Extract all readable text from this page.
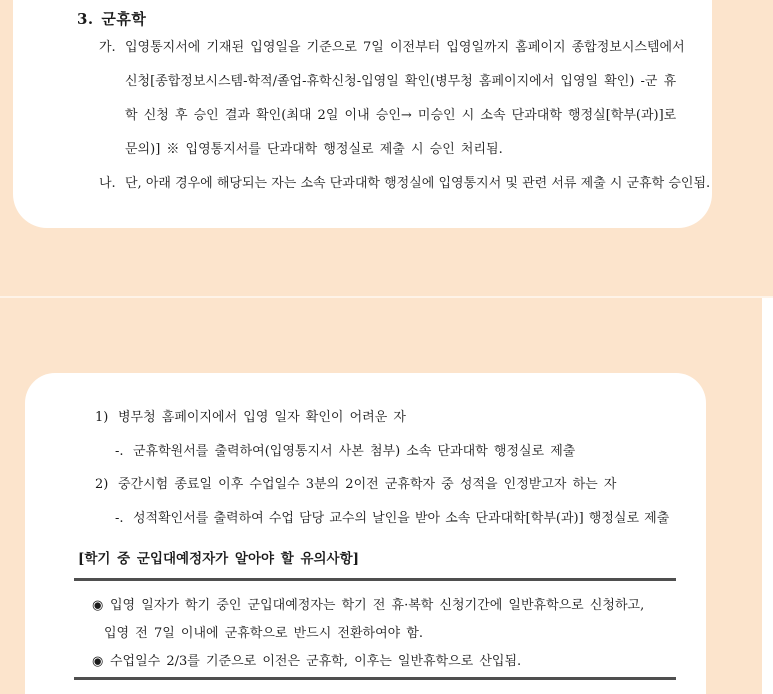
3. 군휴학
가. 입영통지서에 기재된 입영일을 기준으로 7일 이전부터 입영일까지 홈페이지 종합정보시스템에서
신청[종합정보시스템-학적/졸업-휴학신청-입영일 확인(병무청 홈페이지에서 입영일 확인) -군 휴
학 신청 후 승인 결과 확인(최대 2일 이내 승인→ 미승인 시 소속 단과대학 행정실[학부(과)]로
문의)] ※ 입영통지서를 단과대학 행정실로 제출 시 승인 처리됨.
나. 단, 아래 경우에 해당되는 자는 소속 단과대학 행정실에 입영통지서 및 관련 서류 제출 시 군휴학 승인됨.
1) 병무청 홈페이지에서 입영 일자 확인이 어려운 자
-. 군휴학원서를 출력하여(입영통지서 사본 첨부) 소속 단과대학 행정실로 제출
2) 중간시험 종료일 이후 수업일수 3분의 2이전 군휴학자 중 성적을 인정받고자 하는 자
-. 성적확인서를 출력하여 수업 담당 교수의 날인을 받아 소속 단과대학[학부(과)] 행정실로 제출
[학기 중 군입대예정자가 알아야 할 유의사항]
◉ 입영 일자가 학기 중인 군입대예정자는 학기 전 휴·복학 신청기간에 일반휴학으로 신청하고,
입영 전 7일 이내에 군휴학으로 반드시 전환하여야 함.
◉ 수업일수 2/3를 기준으로 이전은 군휴학, 이후는 일반휴학으로 산입됨.
